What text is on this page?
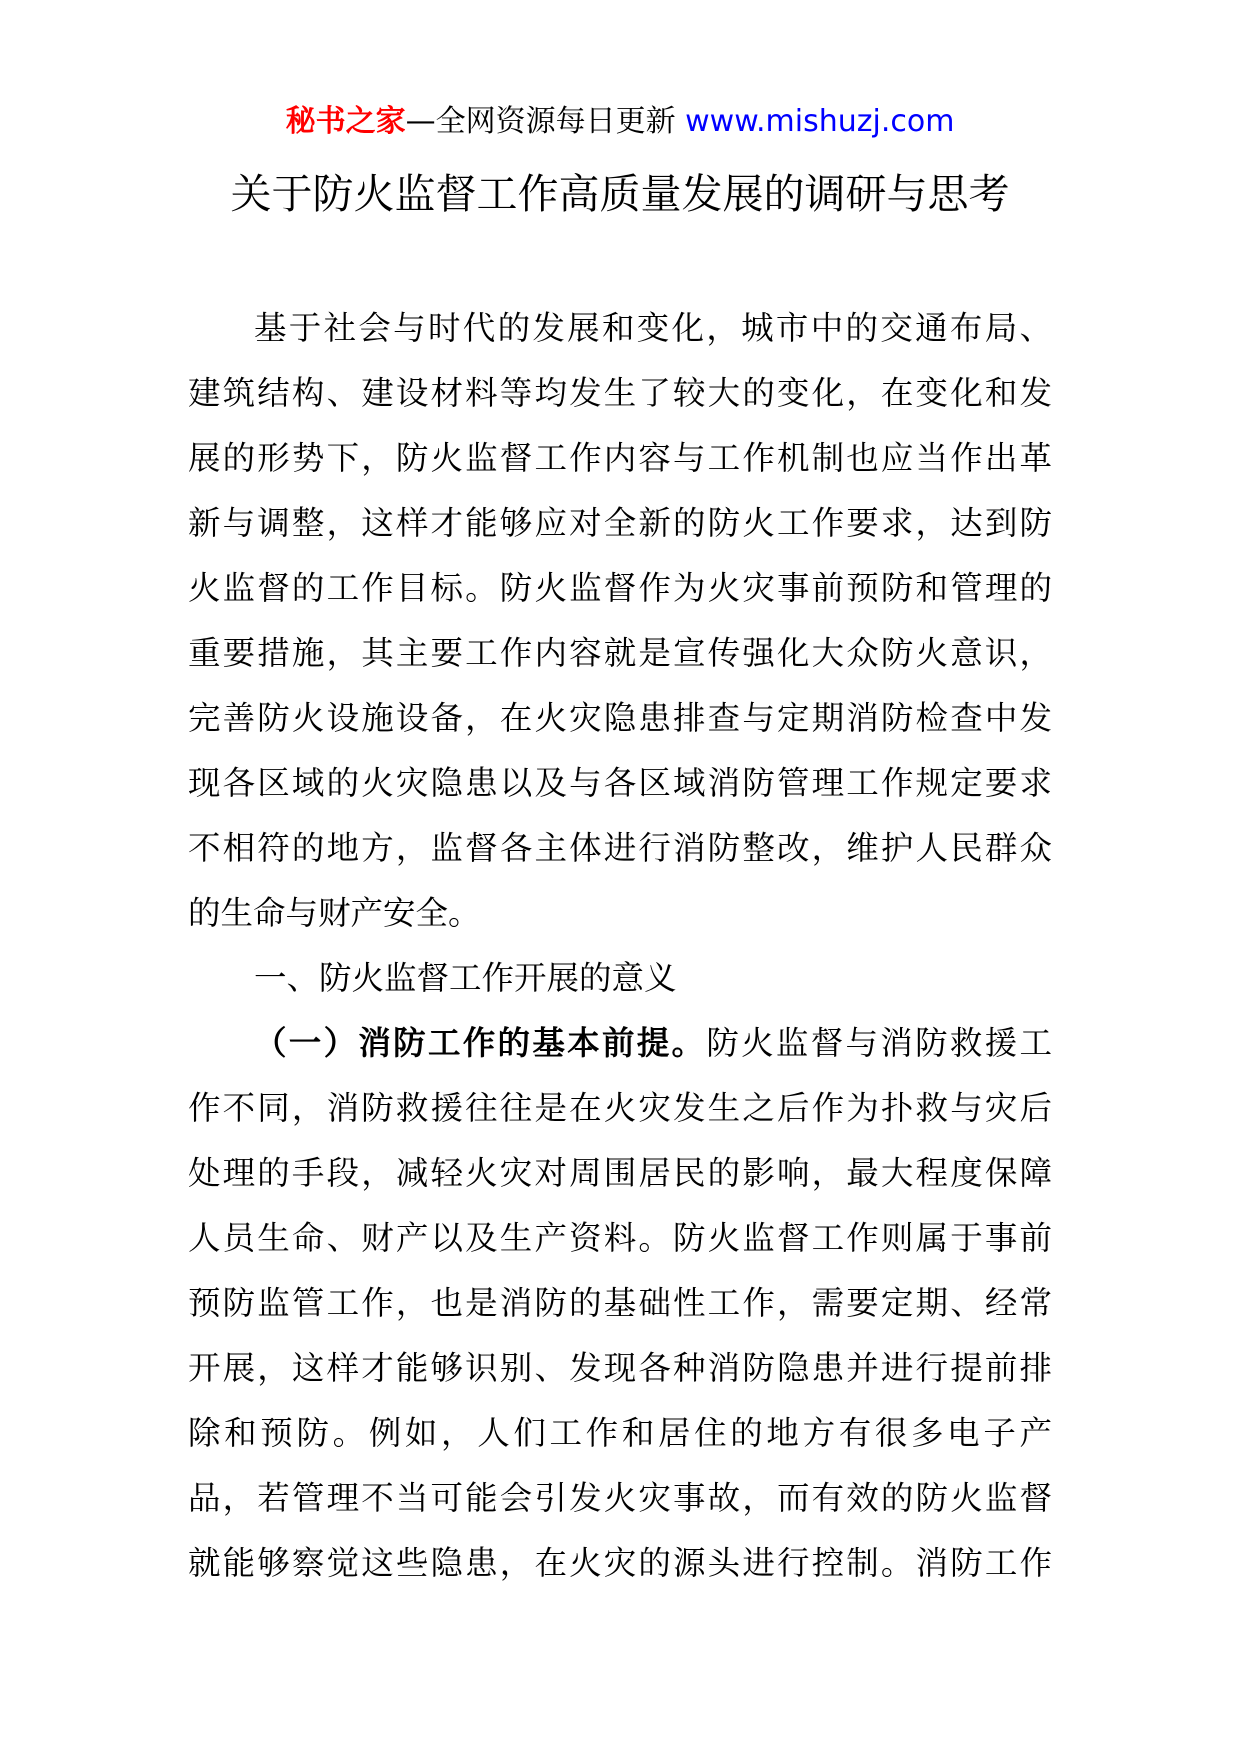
秘书之家—全网资源每日更新 www.mishuzj.com
关于防火监督工作高质量发展的调研与思考
基于社会与时代的发展和变化，城市中的交通布局、
建筑结构、建设材料等均发生了较大的变化，在变化和发
展的形势下，防火监督工作内容与工作机制也应当作出革
新与调整，这样才能够应对全新的防火工作要求，达到防
火监督的工作目标。防火监督作为火灾事前预防和管理的
重要措施，其主要工作内容就是宣传强化大众防火意识，
完善防火设施设备，在火灾隐患排查与定期消防检查中发
现各区域的火灾隐患以及与各区域消防管理工作规定要求
不相符的地方，监督各主体进行消防整改，维护人民群众
的生命与财产安全。
一、防火监督工作开展的意义
（一）消防工作的基本前提。防火监督与消防救援工
作不同，消防救援往往是在火灾发生之后作为扑救与灾后
处理的手段，减轻火灾对周围居民的影响，最大程度保障
人员生命、财产以及生产资料。防火监督工作则属于事前
预防监管工作，也是消防的基础性工作，需要定期、经常
开展，这样才能够识别、发现各种消防隐患并进行提前排
除和预防。例如，人们工作和居住的地方有很多电子产
品，若管理不当可能会引发火灾事故，而有效的防火监督
就能够察觉这些隐患，在火灾的源头进行控制。消防工作
